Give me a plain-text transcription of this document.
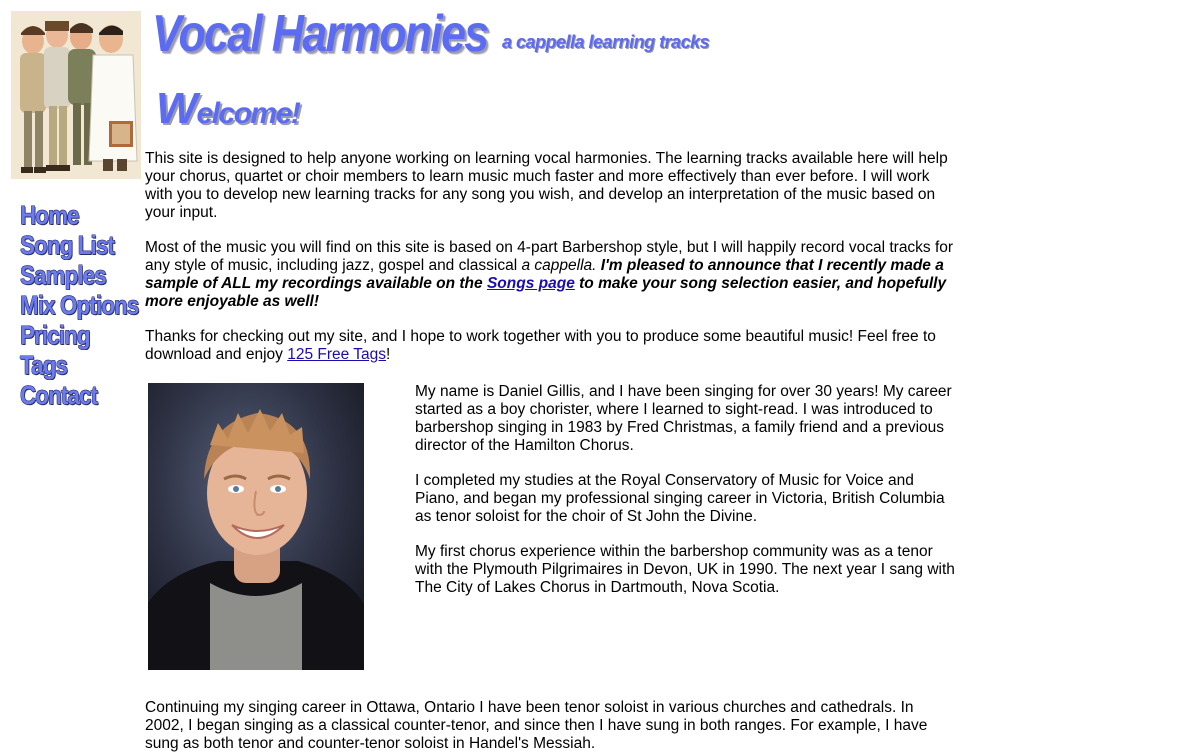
Vocal Harmonies a cappella learning tracks
Welcome!
Home
Song List
Samples
Mix Options
Pricing
Tags
Contact

This site is designed to help anyone working on learning vocal harmonies. The learning tracks available here will help your chorus, quartet or choir members to learn music much faster and more effectively than ever before. I will work with you to develop new learning tracks for any song you wish, and develop an interpretation of the music based on your input.

Most of the music you will find on this site is based on 4-part Barbershop style, but I will happily record vocal tracks for any style of music, including jazz, gospel and classical a cappella. I'm pleased to announce that I recently made a sample of ALL my recordings available on the Songs page to make your song selection easier, and hopefully more enjoyable as well!

Thanks for checking out my site, and I hope to work together with you to produce some beautiful music! Feel free to download and enjoy 125 Free Tags!

My name is Daniel Gillis, and I have been singing for over 30 years! My career started as a boy chorister, where I learned to sight-read. I was introduced to barbershop singing in 1983 by Fred Christmas, a family friend and a previous director of the Hamilton Chorus.

I completed my studies at the Royal Conservatory of Music for Voice and Piano, and began my professional singing career in Victoria, British Columbia as tenor soloist for the choir of St John the Divine.

My first chorus experience within the barbershop community was as a tenor with the Plymouth Pilgrimaires in Devon, UK in 1990. The next year I sang with The City of Lakes Chorus in Dartmouth, Nova Scotia.

Continuing my singing career in Ottawa, Ontario I have been tenor soloist in various churches and cathedrals. In 2002, I began singing as a classical counter-tenor, and since then I have sung in both ranges. For example, I have sung as both tenor and counter-tenor soloist in Handel's Messiah.
